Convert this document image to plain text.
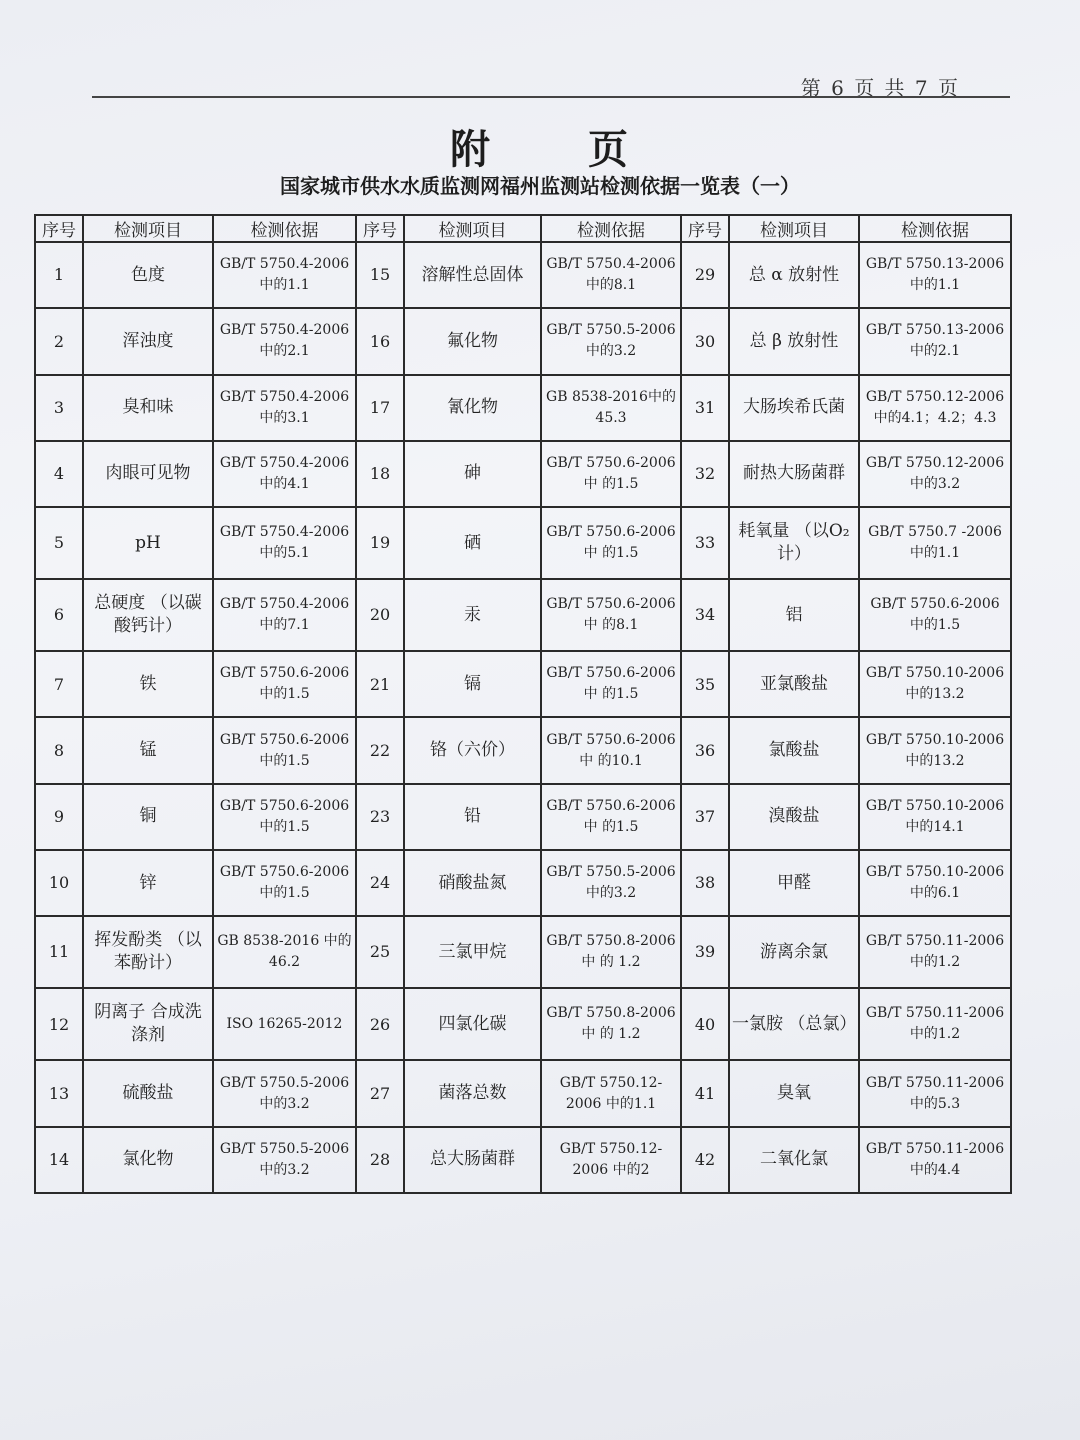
第 6 页 共 7 页
附 页
国家城市供水水质监测网福州监测站检测依据一览表（一）
序号	检测项目	检测依据	序号	检测项目	检测依据	序号	检测项目	检测依据
1	色度	GB/T 5750.4-2006 中的1.1	15	溶解性总固体	GB/T 5750.4-2006 中的8.1	29	总 α 放射性	GB/T 5750.13-2006 中的1.1
2	浑浊度	GB/T 5750.4-2006 中的2.1	16	氟化物	GB/T 5750.5-2006 中的3.2	30	总 β 放射性	GB/T 5750.13-2006 中的2.1
3	臭和味	GB/T 5750.4-2006 中的3.1	17	氰化物	GB 8538-2016中的 45.3	31	大肠埃希氏菌	GB/T 5750.12-2006 中的4.1；4.2；4.3
4	肉眼可见物	GB/T 5750.4-2006 中的4.1	18	砷	GB/T 5750.6-2006中 的1.5	32	耐热大肠菌群	GB/T 5750.12-2006 中的3.2
5	pH	GB/T 5750.4-2006 中的5.1	19	硒	GB/T 5750.6-2006中 的1.5	33	耗氧量 （以O₂计）	GB/T 5750.7 -2006 中的1.1
6	总硬度 （以碳酸钙计）	GB/T 5750.4-2006 中的7.1	20	汞	GB/T 5750.6-2006中 的8.1	34	铝	GB/T 5750.6-2006 中的1.5
7	铁	GB/T 5750.6-2006 中的1.5	21	镉	GB/T 5750.6-2006中 的1.5	35	亚氯酸盐	GB/T 5750.10-2006 中的13.2
8	锰	GB/T 5750.6-2006 中的1.5	22	铬（六价）	GB/T 5750.6-2006中 的10.1	36	氯酸盐	GB/T 5750.10-2006 中的13.2
9	铜	GB/T 5750.6-2006 中的1.5	23	铅	GB/T 5750.6-2006中 的1.5	37	溴酸盐	GB/T 5750.10-2006 中的14.1
10	锌	GB/T 5750.6-2006 中的1.5	24	硝酸盐氮	GB/T 5750.5-2006 中的3.2	38	甲醛	GB/T 5750.10-2006 中的6.1
11	挥发酚类 （以苯酚计）	GB 8538-2016 中的46.2	25	三氯甲烷	GB/T 5750.8-2006中 的 1.2	39	游离余氯	GB/T 5750.11-2006 中的1.2
12	阴离子 合成洗涤剂	ISO 16265-2012	26	四氯化碳	GB/T 5750.8-2006中 的 1.2	40	一氯胺 （总氯）	GB/T 5750.11-2006 中的1.2
13	硫酸盐	GB/T 5750.5-2006 中的3.2	27	菌落总数	GB/T 5750.12-2006 中的1.1	41	臭氧	GB/T 5750.11-2006 中的5.3
14	氯化物	GB/T 5750.5-2006 中的3.2	28	总大肠菌群	GB/T 5750.12-2006 中的2	42	二氧化氯	GB/T 5750.11-2006 中的4.4
